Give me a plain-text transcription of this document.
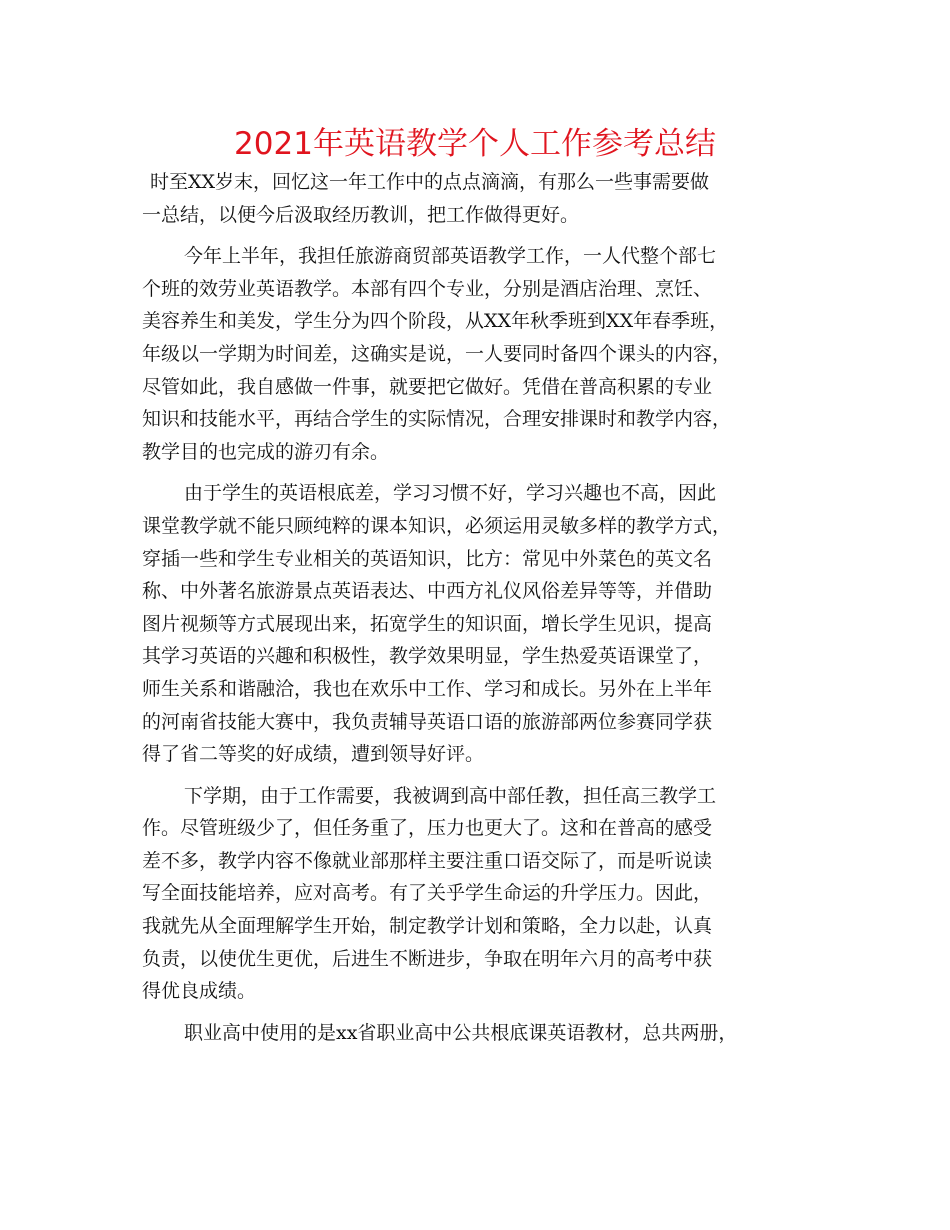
2021年英语教学个人工作参考总结

时至XX岁末，回忆这一年工作中的点点滴滴，有那么一些事需要做
一总结，以便今后汲取经历教训，把工作做得更好。

今年上半年，我担任旅游商贸部英语教学工作，一人代整个部七
个班的效劳业英语教学。本部有四个专业，分别是酒店治理、烹饪、
美容养生和美发，学生分为四个阶段，从XX年秋季班到XX年春季班，
年级以一学期为时间差，这确实是说，一人要同时备四个课头的内容，
尽管如此，我自感做一件事，就要把它做好。凭借在普高积累的专业
知识和技能水平，再结合学生的实际情况，合理安排课时和教学内容，
教学目的也完成的游刃有余。

由于学生的英语根底差，学习习惯不好，学习兴趣也不高，因此
课堂教学就不能只顾纯粹的课本知识，必须运用灵敏多样的教学方式，
穿插一些和学生专业相关的英语知识，比方：常见中外菜色的英文名
称、中外著名旅游景点英语表达、中西方礼仪风俗差异等等，并借助
图片视频等方式展现出来，拓宽学生的知识面，增长学生见识，提高
其学习英语的兴趣和积极性，教学效果明显，学生热爱英语课堂了，
师生关系和谐融洽，我也在欢乐中工作、学习和成长。另外在上半年
的河南省技能大赛中，我负责辅导英语口语的旅游部两位参赛同学获
得了省二等奖的好成绩，遭到领导好评。

下学期，由于工作需要，我被调到高中部任教，担任高三教学工
作。尽管班级少了，但任务重了，压力也更大了。这和在普高的感受
差不多，教学内容不像就业部那样主要注重口语交际了，而是听说读
写全面技能培养，应对高考。有了关乎学生命运的升学压力。因此，
我就先从全面理解学生开始，制定教学计划和策略，全力以赴，认真
负责，以使优生更优，后进生不断进步，争取在明年六月的高考中获
得优良成绩。

职业高中使用的是xx省职业高中公共根底课英语教材，总共两册，
